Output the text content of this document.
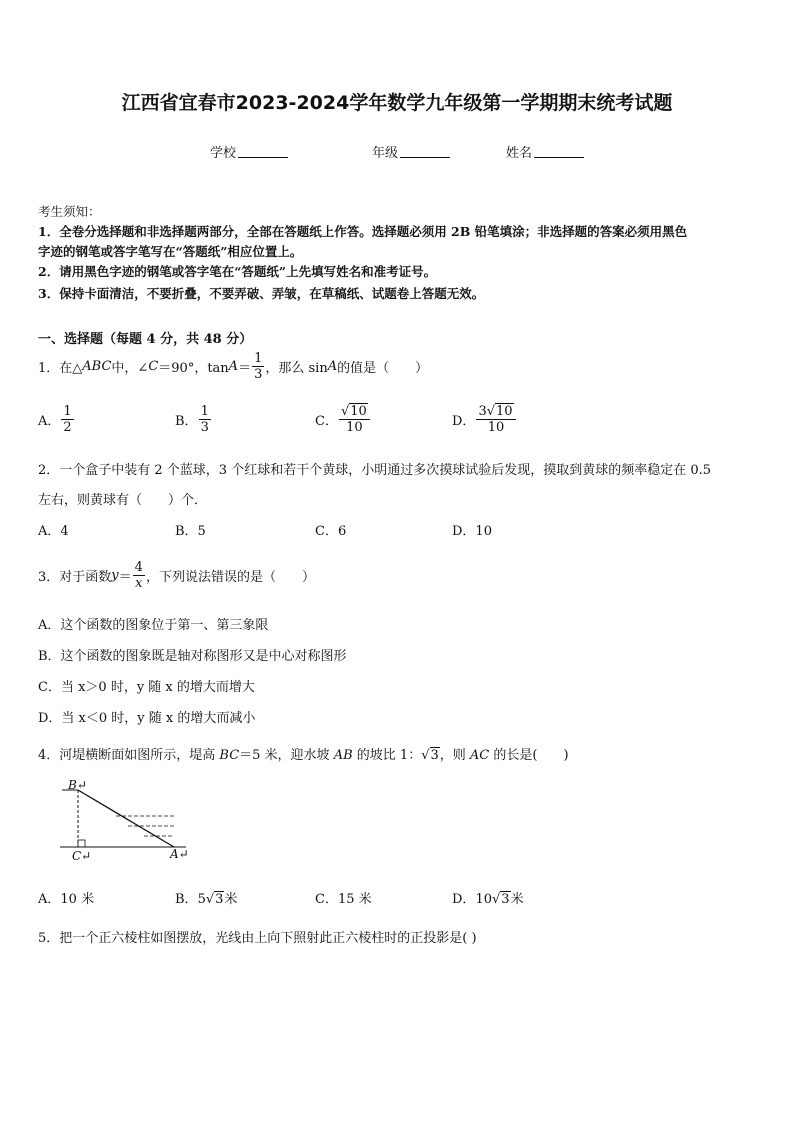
江西省宜春市2023-2024学年数学九年级第一学期期末统考试题
学校	年级	姓名
考生须知：
1．全卷分选择题和非选择题两部分，全部在答题纸上作答。选择题必须用 2B 铅笔填涂；非选择题的答案必须用黑色
字迹的钢笔或答字笔写在“答题纸”相应位置上。
2．请用黑色字迹的钢笔或答字笔在“答题纸”上先填写姓名和准考证号。
3．保持卡面清洁，不要折叠，不要弄破、弄皱，在草稿纸、试题卷上答题无效。
一、选择题（每题 4 分，共 48 分）
1．在△ ABC 中，∠ C ＝90°，$\tan A = \frac{1}{3}$ ，那么 sin A 的值是（　　）
A． $\frac{1}{2}$	B． $\frac{1}{3}$	C． $\frac{√10}{10}$	D． $\frac{3√10}{10}$
2．一个盒子中装有 2 个蓝球，3 个红球和若干个黄球，小明通过多次摸球试验后发现，摸取到黄球的频率稳定在 0.5
左右，则黄球有（　　）个．
A．4	B．5	C．6	D．10
3．对于函数 $y = \frac{4}{x}$ ，下列说法错误的是（　　）
A．这个函数的图象位于第一、第三象限
B．这个函数的图象既是轴对称图形又是中心对称图形
C．当 x＞0 时，y 随 x 的增大而增大
D．当 x＜0 时，y 随 x 的增大而减小
4．河堤横断面如图所示，堤高 BC＝5 米，迎水坡 AB 的坡比 1：√3，则 AC 的长是(　　)
B↵
C↵	A↵
A．10 米	B．5√3米	C．15 米	D．10√3米
5．把一个正六棱柱如图摆放，光线由上向下照射此正六棱柱时的正投影是( )
